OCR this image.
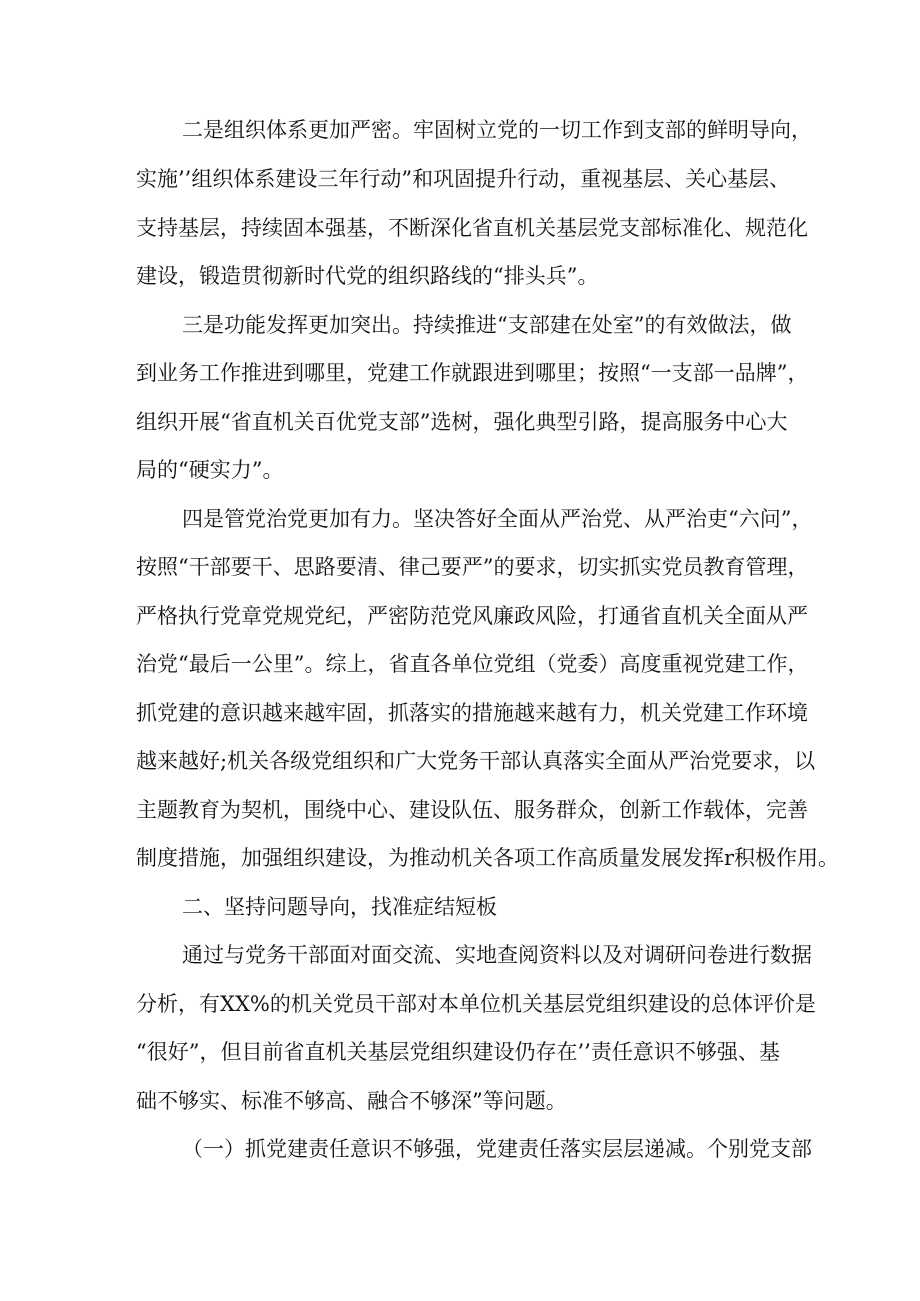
二是组织体系更加严密。牢固树立党的一切工作到支部的鲜明导向，

实施’’组织体系建设三年行动”和巩固提升行动，重视基层、关心基层、

支持基层，持续固本强基，不断深化省直机关基层党支部标准化、规范化

建设，锻造贯彻新时代党的组织路线的“排头兵”。

三是功能发挥更加突出。持续推进“支部建在处室”的有效做法，做

到业务工作推进到哪里，党建工作就跟进到哪里；按照“一支部一品牌”，

组织开展“省直机关百优党支部”选树，强化典型引路，提高服务中心大

局的“硬实力”。

四是管党治党更加有力。坚决答好全面从严治党、从严治吏“六问”，

按照“干部要干、思路要清、律己要严”的要求，切实抓实党员教育管理，

严格执行党章党规党纪，严密防范党风廉政风险，打通省直机关全面从严

治党“最后一公里”。综上，省直各单位党组（党委）高度重视党建工作，

抓党建的意识越来越牢固，抓落实的措施越来越有力，机关党建工作环境

越来越好;机关各级党组织和广大党务干部认真落实全面从严治党要求，以

主题教育为契机，围绕中心、建设队伍、服务群众，创新工作载体，完善

制度措施，加强组织建设，为推动机关各项工作高质量发展发挥r积极作用。

二、坚持问题导向，找准症结短板

通过与党务干部面对面交流、实地查阅资料以及对调研问卷进行数据

分析，有XX%的机关党员干部对本单位机关基层党组织建设的总体评价是

“很好”，但目前省直机关基层党组织建设仍存在’’责任意识不够强、基

础不够实、标准不够高、融合不够深”等问题。

（一）抓党建责任意识不够强，党建责任落实层层递减。个别党支部
